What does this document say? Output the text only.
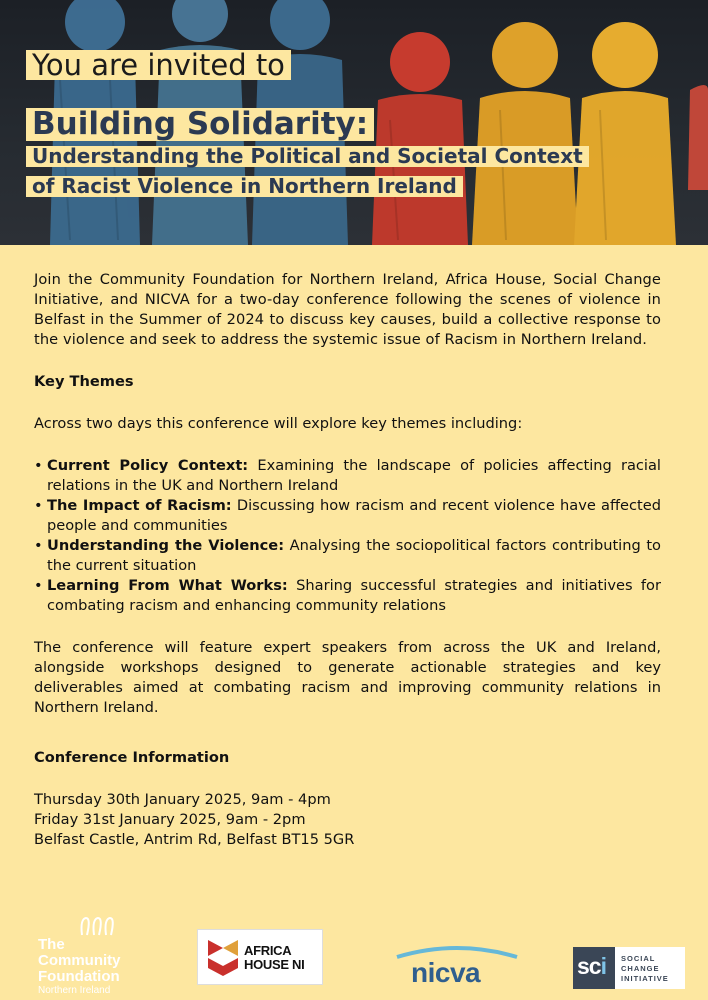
You are invited to
Building Solidarity:
Understanding the Political and Societal Context
of Racist Violence in Northern Ireland

Join the Community Foundation for Northern Ireland, Africa House, Social Change Initiative, and NICVA for a two-day conference following the scenes of violence in Belfast in the Summer of 2024 to discuss key causes, build a collective response to the violence and seek to address the systemic issue of Racism in Northern Ireland.

Key Themes

Across two days this conference will explore key themes including:

• Current Policy Context: Examining the landscape of policies affecting racial relations in the UK and Northern Ireland
• The Impact of Racism: Discussing how racism and recent violence have affected people and communities
• Understanding the Violence: Analysing the sociopolitical factors contributing to the current situation
• Learning From What Works: Sharing successful strategies and initiatives for combating racism and enhancing community relations

The conference will feature expert speakers from across the UK and Ireland, alongside workshops designed to generate actionable strategies and key deliverables aimed at combating racism and improving community relations in Northern Ireland.

Conference Information
Thursday 30th January 2025, 9am - 4pm
Friday 31st January 2025, 9am - 2pm
Belfast Castle, Antrim Rd, Belfast BT15 5GR
The
Community
Foundation
Northern Ireland
AFRICA
HOUSE NI	nicva	sci SOCIAL
CHANGE
INITIATIVE
